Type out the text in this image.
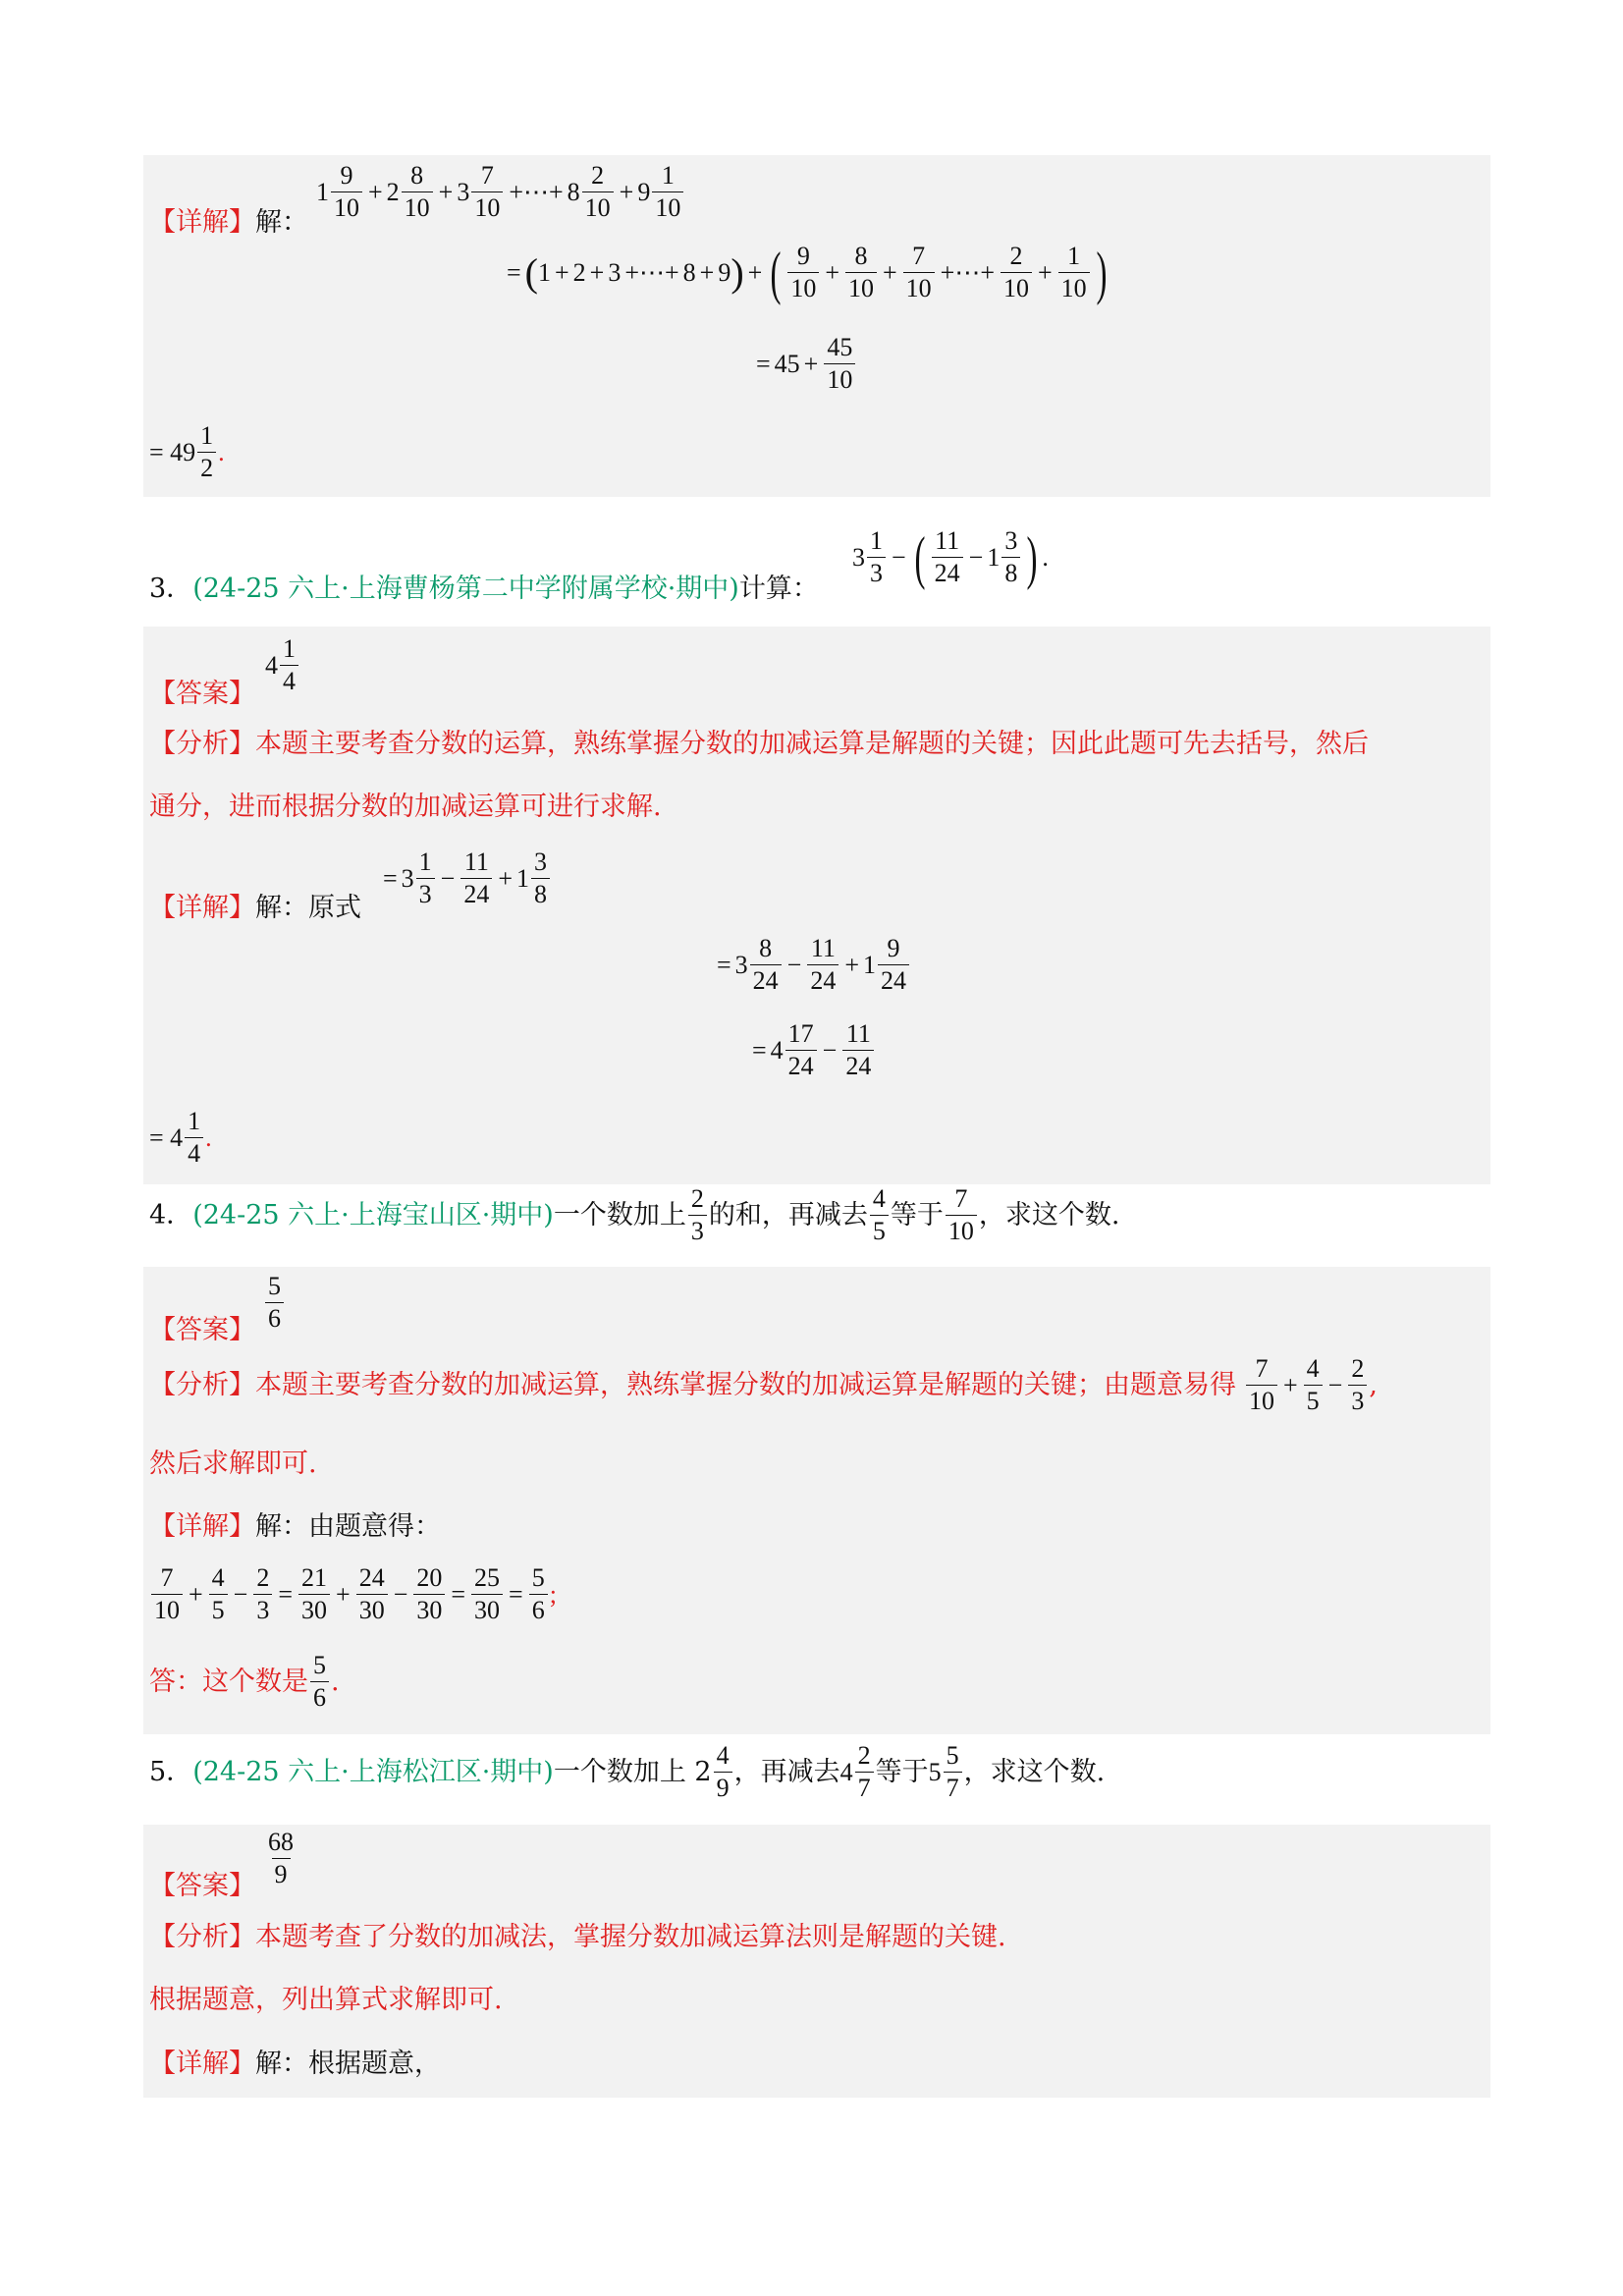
【详解】解：
1
9
10
+ $2 \frac{8}{10} + 3 \frac{7}{10}$ +⋯+ $8 \frac{2}{10} + 9 \frac{1}{10}$
= ( 1 + 2 + 3 +⋯+ 8 + 9 ) + ( 9
10
+ $\frac{8}{10} + \frac{7}{10}$ +⋯+ $\frac{2}{10} + \frac{1}{10}$ )
= $45 + \frac{45}{10}$
= 49
1
2
.
3．(24-25 六上·上海曹杨第二中学附属学校·期中)计算：
3
1
3
− ( 11
24
− $1 \frac{3}{8}$ ) .
【答案】
4
1
4
【分析】本题主要考查分数的运算，熟练掌握分数的加减运算是解题的关键；因此此题可先去括号，然后
通分，进而根据分数的加减运算可进行求解.
【详解】解：原式
= $3 \frac{1}{3} - \frac{11}{24} + 1 \frac{3}{8}$
= $3 \frac{8}{24} - \frac{11}{24} + 1 \frac{9}{24}$
= $4 \frac{17}{24} - \frac{11}{24}$
= 4
1
4
.
4． (24-25 六上·上海宝山区·期中) 一个数加上
2
3
的和，再减去
4
5
等于
7
10
，求这个数.
【答案】
5
6
【分析】 本题主要考查分数的加减运算，熟练掌握分数的加减运算是解题的关键；由题意易得
7
10
+ $\frac{4}{5} - \frac{2}{3}$ ,
然后求解即可.
【详解】解：由题意得：
7
10
+ $\frac{4}{5} - \frac{2}{3} = \frac{21}{30} + \frac{24}{30} - \frac{20}{30} = \frac{25}{30} = \frac{5}{6}$ ;
答：这个数是
5
6
.
5． (24-25 六上·上海松江区·期中) 一个数加上 2
4
9
，再减去 4
2
7
等于 5
5
7
，求这个数.
【答案】
68
9
【分析】本题考查了分数的加减法，掌握分数加减运算法则是解题的关键.
根据题意，列出算式求解即可.
【详解】解：根据题意，
